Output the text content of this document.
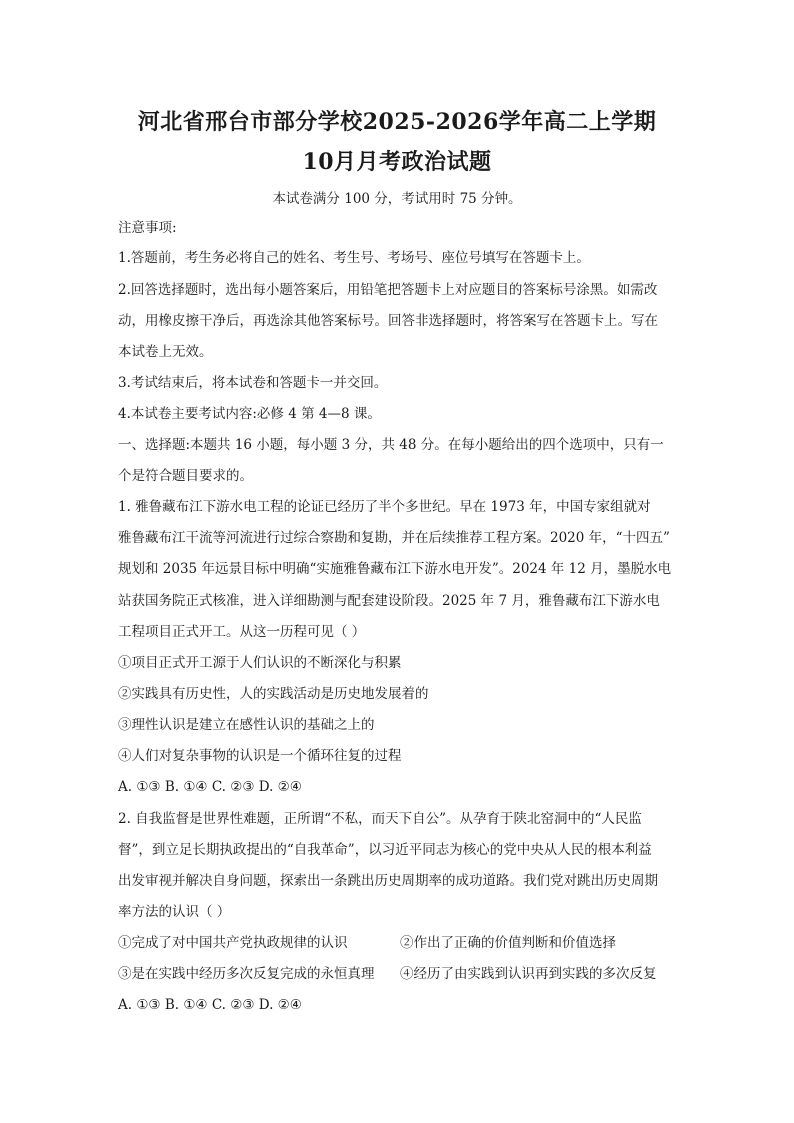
河北省邢台市部分学校2025-2026学年高二上学期
10月月考政治试题
本试卷满分 100 分，考试用时 75 分钟。
注意事项:
1.答题前，考生务必将自己的姓名、考生号、考场号、座位号填写在答题卡上。
2.回答选择题时，选出每小题答案后，用铅笔把答题卡上对应题目的答案标号涂黑。如需改
动，用橡皮擦干净后，再选涂其他答案标号。回答非选择题时，将答案写在答题卡上。写在
本试卷上无效。
3.考试结束后，将本试卷和答题卡一并交回。
4.本试卷主要考试内容:必修 4 第 4—8 课。
一、选择题:本题共 16 小题，每小题 3 分，共 48 分。在每小题给出的四个选项中，只有一
个是符合题目要求的。
1. 雅鲁藏布江下游水电工程的论证已经历了半个多世纪。早在 1973 年，中国专家组就对
雅鲁藏布江干流等河流进行过综合察勘和复勘，并在后续推荐工程方案。2020 年，“十四五”
规划和 2035 年远景目标中明确“实施雅鲁藏布江下游水电开发”。2024 年 12 月，墨脱水电
站获国务院正式核准，进入详细勘测与配套建设阶段。2025 年 7 月，雅鲁藏布江下游水电
工程项目正式开工。从这一历程可见（ ）
①项目正式开工源于人们认识的不断深化与积累
②实践具有历史性，人的实践活动是历史地发展着的
③理性认识是建立在感性认识的基础之上的
④人们对复杂事物的认识是一个循环往复的过程
A. ①③ B. ①④ C. ②③ D. ②④
2. 自我监督是世界性难题，正所谓“不私，而天下自公”。从孕育于陕北窑洞中的“人民监
督”，到立足长期执政提出的“自我革命”，以习近平同志为核心的党中央从人民的根本利益
出发审视并解决自身问题，探索出一条跳出历史周期率的成功道路。我们党对跳出历史周期
率方法的认识（ ）
①完成了对中国共产党执政规律的认识	②作出了正确的价值判断和价值选择
③是在实践中经历多次反复完成的永恒真理	④经历了由实践到认识再到实践的多次反复
A. ①③ B. ①④ C. ②③ D. ②④
